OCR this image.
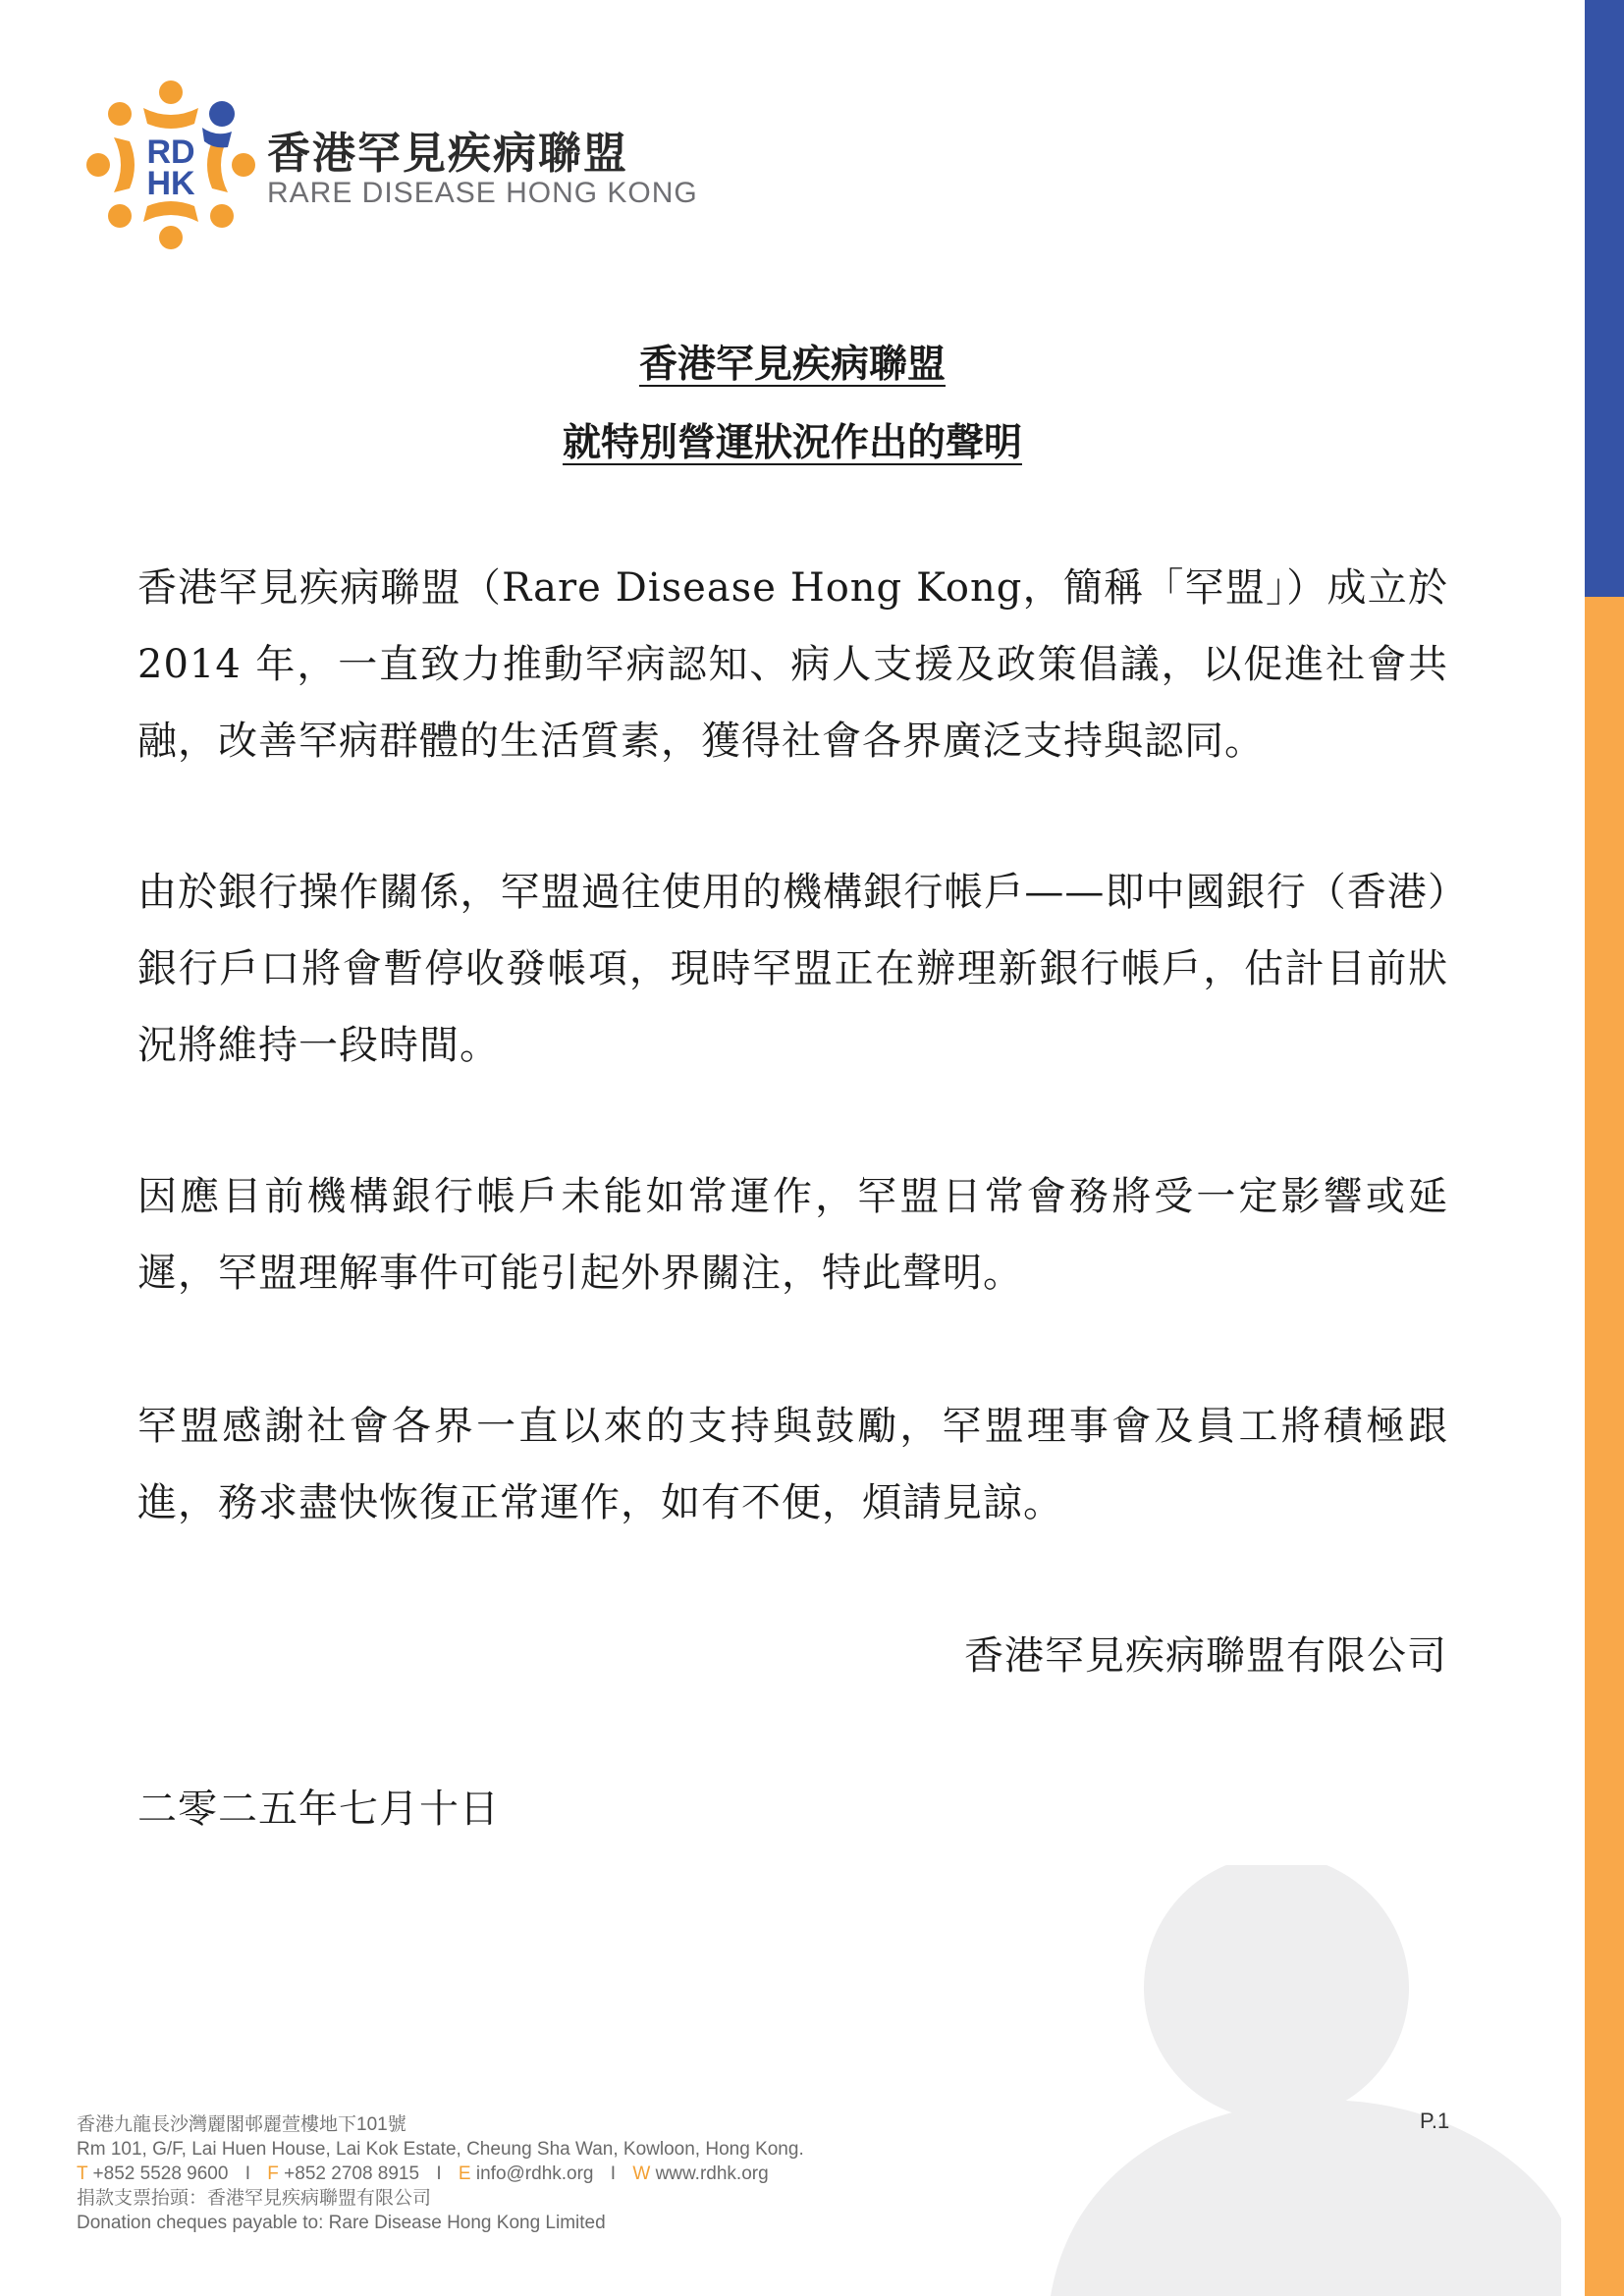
RD
HK
香港罕見疾病聯盟
RARE DISEASE HONG KONG
香港罕見疾病聯盟
就特別營運狀況作出的聲明
香港罕見疾病聯盟（Rare Disease Hong Kong，簡稱「罕盟」）成立於 2014 年，一直致力推動罕病認知、病人支援及政策倡議，以促進社會共融，改善罕病群體的生活質素，獲得社會各界廣泛支持與認同。
由於銀行操作關係，罕盟過往使用的機構銀行帳戶——即中國銀行（香港）銀行戶口將會暫停收發帳項，現時罕盟正在辦理新銀行帳戶，估計目前狀況將維持一段時間。
因應目前機構銀行帳戶未能如常運作，罕盟日常會務將受一定影響或延遲，罕盟理解事件可能引起外界關注，特此聲明。
罕盟感謝社會各界一直以來的支持與鼓勵，罕盟理事會及員工將積極跟進，務求盡快恢復正常運作，如有不便，煩請見諒。
香港罕見疾病聯盟有限公司
二零二五年七月十日
香港九龍長沙灣麗閣邨麗萱樓地下101號
Rm 101, G/F, Lai Huen House, Lai Kok Estate, Cheung Sha Wan, Kowloon, Hong Kong.
T +852 5528 9600 I F +852 2708 8915 I E info@rdhk.org I W www.rdhk.org
捐款支票抬頭：香港罕見疾病聯盟有限公司
Donation cheques payable to: Rare Disease Hong Kong Limited
P.1
